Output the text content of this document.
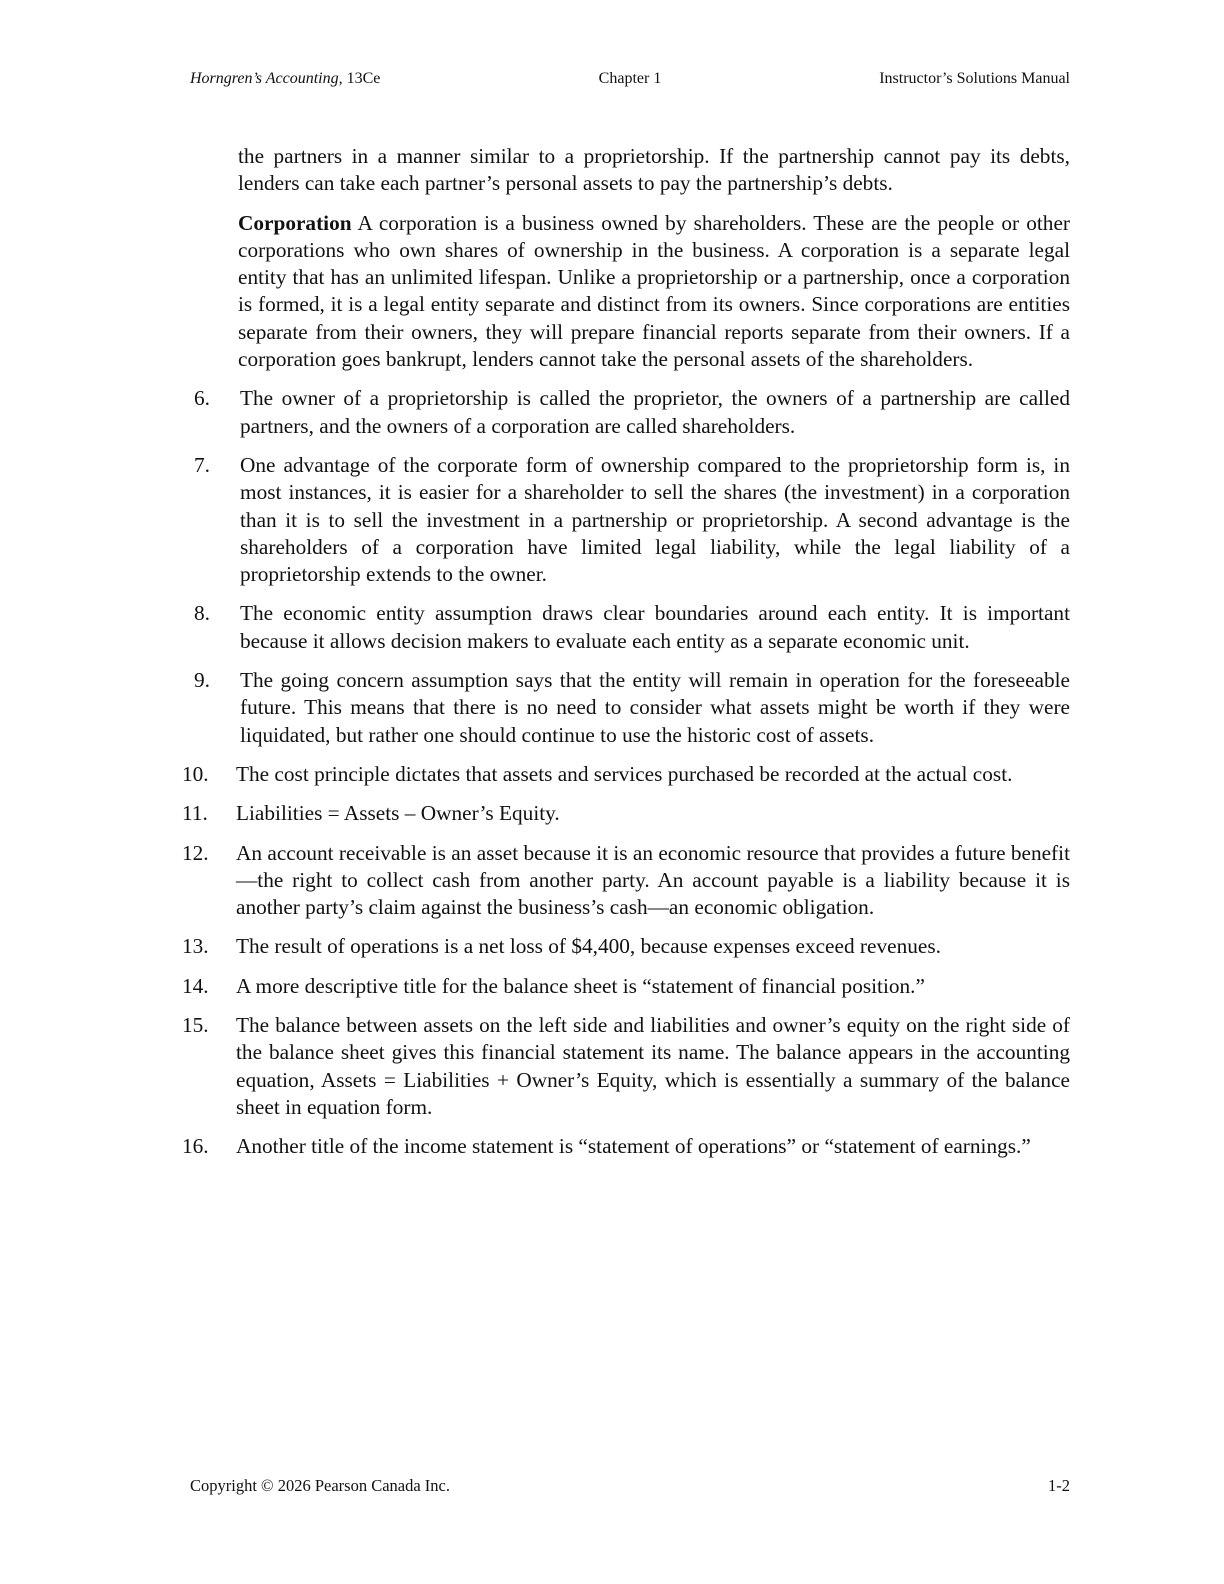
Horngren’s Accounting, 13Ce	Chapter 1	Instructor’s Solutions Manual

the partners in a manner similar to a proprietorship. If the partnership cannot pay its debts, lenders can take each partner’s personal assets to pay the partnership’s debts.

Corporation A corporation is a business owned by shareholders. These are the people or other corporations who own shares of ownership in the business. A corporation is a separate legal entity that has an unlimited lifespan. Unlike a proprietorship or a partnership, once a corporation is formed, it is a legal entity separate and distinct from its owners. Since corporations are entities separate from their owners, they will prepare financial reports separate from their owners. If a corporation goes bankrupt, lenders cannot take the personal assets of the shareholders.

6.	The owner of a proprietorship is called the proprietor, the owners of a partnership are called partners, and the owners of a corporation are called shareholders.
7.	One advantage of the corporate form of ownership compared to the proprietorship form is, in most instances, it is easier for a shareholder to sell the shares (the investment) in a corporation than it is to sell the investment in a partnership or proprietorship. A second advantage is the shareholders of a corporation have limited legal liability, while the legal liability of a proprietorship extends to the owner.
8.	The economic entity assumption draws clear boundaries around each entity. It is important because it allows decision makers to evaluate each entity as a separate economic unit.
9.	The going concern assumption says that the entity will remain in operation for the foreseeable future. This means that there is no need to consider what assets might be worth if they were liquidated, but rather one should continue to use the historic cost of assets.
10.	The cost principle dictates that assets and services purchased be recorded at the actual cost.
11.	Liabilities = Assets – Owner’s Equity.
12.	An account receivable is an asset because it is an economic resource that provides a future benefit—the right to collect cash from another party. An account payable is a liability because it is another party’s claim against the business’s cash—an economic obligation.
13.	The result of operations is a net loss of $4,400, because expenses exceed revenues.
14.	A more descriptive title for the balance sheet is “statement of financial position.”
15.	The balance between assets on the left side and liabilities and owner’s equity on the right side of the balance sheet gives this financial statement its name. The balance appears in the accounting equation, Assets = Liabilities + Owner’s Equity, which is essentially a summary of the balance sheet in equation form.
16.	Another title of the income statement is “statement of operations” or “statement of earnings.”
Copyright © 2026 Pearson Canada Inc.	1-2
